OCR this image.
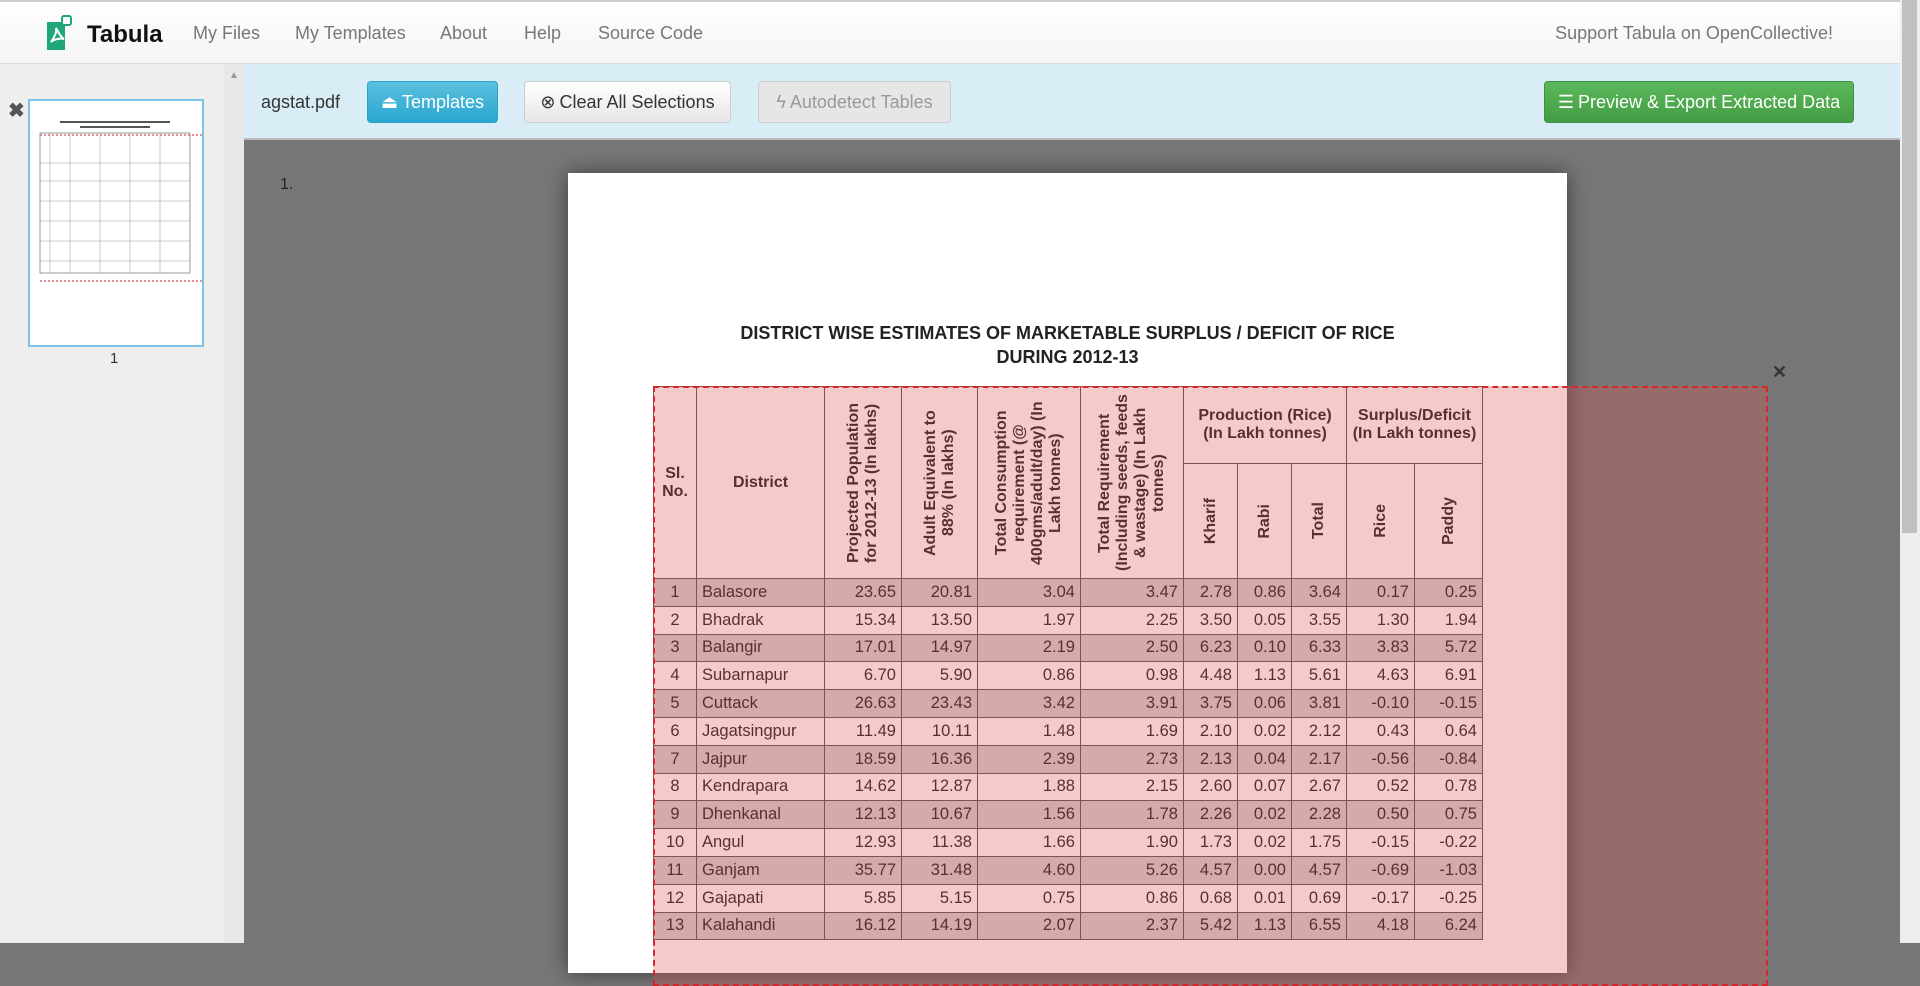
Tabula My Files My Templates About Help Source Code	Support Tabula on OpenCollective!
✖
1
▲
agstat.pdf ⏏ Templates	⊗ Clear All Selections	ϟ Autodetect Tables	☰ Preview & Export Extracted Data
1.
DISTRICT WISE ESTIMATES OF MARKETABLE SURPLUS / DEFICIT OF RICE
DURING 2012-13
Sl. No.	District	Projected Population for 2012-13 (In lakhs)	Adult Equivalent to 88% (In lakhs)	Total Consumption requirement (@ 400gms/adult/day) (In Lakh tonnes)	Total Requirement (Including seeds, feeds & wastage) (In Lakh tonnes)	Production (Rice) (In Lakh tonnes)			Surplus/Deficit (In Lakh tonnes)	

						Kharif	Rabi	Total	Rice	Paddy

1	Balasore	23.65	20.81	3.04	3.47	2.78	0.86	3.64	0.17	0.25
2	Bhadrak	15.34	13.50	1.97	2.25	3.50	0.05	3.55	1.30	1.94
3	Balangir	17.01	14.97	2.19	2.50	6.23	0.10	6.33	3.83	5.72
4	Subarnapur	6.70	5.90	0.86	0.98	4.48	1.13	5.61	4.63	6.91
5	Cuttack	26.63	23.43	3.42	3.91	3.75	0.06	3.81	-0.10	-0.15
6	Jagatsingpur	11.49	10.11	1.48	1.69	2.10	0.02	2.12	0.43	0.64
7	Jajpur	18.59	16.36	2.39	2.73	2.13	0.04	2.17	-0.56	-0.84
8	Kendrapara	14.62	12.87	1.88	2.15	2.60	0.07	2.67	0.52	0.78
9	Dhenkanal	12.13	10.67	1.56	1.78	2.26	0.02	2.28	0.50	0.75
10	Angul	12.93	11.38	1.66	1.90	1.73	0.02	1.75	-0.15	-0.22
11	Ganjam	35.77	31.48	4.60	5.26	4.57	0.00	4.57	-0.69	-1.03
12	Gajapati	5.85	5.15	0.75	0.86	0.68	0.01	0.69	-0.17	-0.25
13	Kalahandi	16.12	14.19	2.07	2.37	5.42	1.13	6.55	4.18	6.24
✕
